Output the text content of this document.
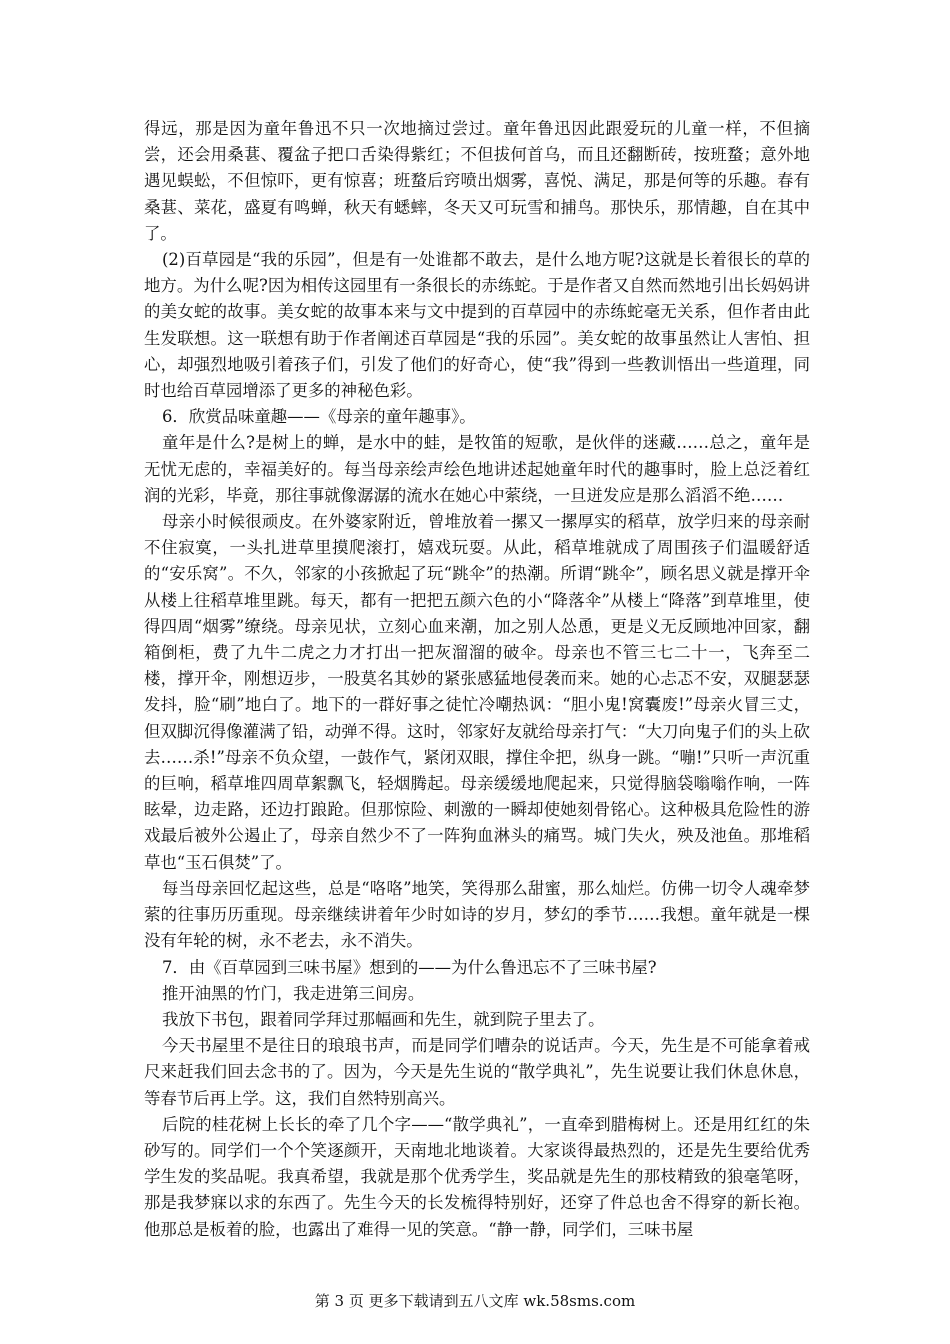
得远，那是因为童年鲁迅不只一次地摘过尝过。童年鲁迅因此跟爱玩的儿童一样，不但摘尝，还会用桑葚、覆盆子把口舌染得紫红；不但拔何首乌，而且还翻断砖，按班蝥；意外地遇见蜈蚣，不但惊吓，更有惊喜；班蝥后窍喷出烟雾，喜悦、满足，那是何等的乐趣。春有桑葚、菜花，盛夏有鸣蝉，秋天有蟋蟀，冬天又可玩雪和捕鸟。那快乐，那情趣，自在其中了。

(2)百草园是“我的乐园”，但是有一处谁都不敢去，是什么地方呢?这就是长着很长的草的地方。为什么呢?因为相传这园里有一条很长的赤练蛇。于是作者又自然而然地引出长妈妈讲的美女蛇的故事。美女蛇的故事本来与文中提到的百草园中的赤练蛇毫无关系，但作者由此生发联想。这一联想有助于作者阐述百草园是“我的乐园”。美女蛇的故事虽然让人害怕、担心，却强烈地吸引着孩子们，引发了他们的好奇心，使“我”得到一些教训悟出一些道理，同时也给百草园增添了更多的神秘色彩。

6．欣赏品味童趣——《母亲的童年趣事》。

童年是什么?是树上的蝉，是水中的蛙，是牧笛的短歌，是伙伴的迷藏……总之，童年是无忧无虑的，幸福美好的。每当母亲绘声绘色地讲述起她童年时代的趣事时，脸上总泛着红润的光彩，毕竟，那往事就像潺潺的流水在她心中萦绕，一旦迸发应是那么滔滔不绝……

母亲小时候很顽皮。在外婆家附近，曾堆放着一摞又一摞厚实的稻草，放学归来的母亲耐不住寂寞，一头扎进草里摸爬滚打，嬉戏玩耍。从此，稻草堆就成了周围孩子们温暖舒适的“安乐窝”。不久，邻家的小孩掀起了玩“跳伞”的热潮。所谓“跳伞”，顾名思义就是撑开伞从楼上往稻草堆里跳。每天，都有一把把五颜六色的小“降落伞”从楼上“降落”到草堆里，使得四周“烟雾”缭绕。母亲见状，立刻心血来潮，加之别人怂恿，更是义无反顾地冲回家，翻箱倒柜，费了九牛二虎之力才打出一把灰溜溜的破伞。母亲也不管三七二十一，飞奔至二楼，撑开伞，刚想迈步，一股莫名其妙的紧张感猛地侵袭而来。她的心忐忑不安，双腿瑟瑟发抖，脸“刷”地白了。地下的一群好事之徒忙冷嘲热讽：“胆小鬼!窝囊废!”母亲火冒三丈，但双脚沉得像灌满了铅，动弹不得。这时，邻家好友就给母亲打气：“大刀向鬼子们的头上砍去……杀!”母亲不负众望，一鼓作气，紧闭双眼，撑住伞把，纵身一跳。“嘣!”只听一声沉重的巨响，稻草堆四周草絮飘飞，轻烟腾起。母亲缓缓地爬起来，只觉得脑袋嗡嗡作响，一阵眩晕，边走路，还边打踉跄。但那惊险、刺激的一瞬却使她刻骨铭心。这种极具危险性的游戏最后被外公遏止了，母亲自然少不了一阵狗血淋头的痛骂。城门失火，殃及池鱼。那堆稻草也“玉石俱焚”了。

每当母亲回忆起这些，总是“咯咯”地笑，笑得那么甜蜜，那么灿烂。仿佛一切令人魂牵梦萦的往事历历重现。母亲继续讲着年少时如诗的岁月，梦幻的季节……我想。童年就是一棵没有年轮的树，永不老去，永不消失。

7．由《百草园到三味书屋》想到的——为什么鲁迅忘不了三味书屋?

推开油黑的竹门，我走进第三间房。

我放下书包，跟着同学拜过那幅画和先生，就到院子里去了。

今天书屋里不是往日的琅琅书声，而是同学们嘈杂的说话声。今天，先生是不可能拿着戒尺来赶我们回去念书的了。因为，今天是先生说的“散学典礼”，先生说要让我们休息休息，等春节后再上学。这，我们自然特别高兴。

后院的桂花树上长长的牵了几个字——“散学典礼”，一直牵到腊梅树上。还是用红红的朱砂写的。同学们一个个笑逐颜开，天南地北地谈着。大家谈得最热烈的，还是先生要给优秀学生发的奖品呢。我真希望，我就是那个优秀学生，奖品就是先生的那枝精致的狼毫笔呀，那是我梦寐以求的东西了。先生今天的长发梳得特别好，还穿了件总也舍不得穿的新长袍。他那总是板着的脸，也露出了难得一见的笑意。“静一静，同学们，三味书屋

第 3 页 更多下载请到五八文库 wk.58sms.com
